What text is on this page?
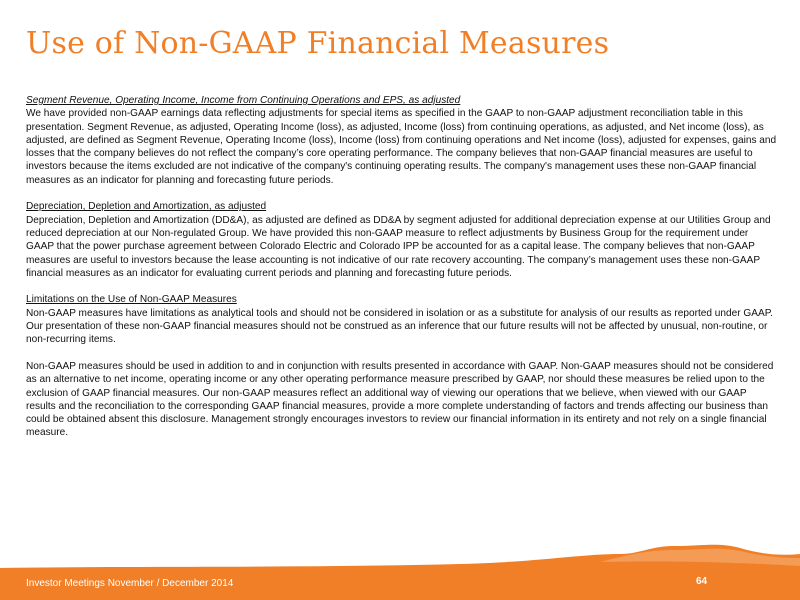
Use of Non-GAAP Financial Measures
Segment Revenue, Operating Income, Income from Continuing Operations and EPS, as adjusted
We have provided non-GAAP earnings data reflecting adjustments for special items as specified in the GAAP to non-GAAP adjustment reconciliation table in this presentation. Segment Revenue, as adjusted, Operating Income (loss), as adjusted, Income (loss) from continuing operations, as adjusted, and Net income (loss), as adjusted, are defined as Segment Revenue, Operating Income (loss), Income (loss) from continuing operations and Net income (loss), adjusted for expenses, gains and losses that the company believes do not reflect the company’s core operating performance. The company believes that non-GAAP financial measures are useful to investors because the items excluded are not indicative of the company's continuing operating results. The company's management uses these non-GAAP financial measures as an indicator for planning and forecasting future periods.
Depreciation, Depletion and Amortization, as adjusted
Depreciation, Depletion and Amortization (DD&A), as adjusted are defined as DD&A by segment adjusted for additional depreciation expense at our Utilities Group and reduced depreciation at our Non-regulated Group. We have provided this non-GAAP measure to reflect adjustments by Business Group for the requirement under GAAP that the power purchase agreement between Colorado Electric and Colorado IPP be accounted for as a capital lease. The company believes that non-GAAP measures are useful to investors because the lease accounting is not indicative of our rate recovery accounting. The company’s management uses these non-GAAP financial measures as an indicator for evaluating current periods and planning and forecasting future periods.
Limitations on the Use of Non-GAAP Measures
Non-GAAP measures have limitations as analytical tools and should not be considered in isolation or as a substitute for analysis of our results as reported under GAAP. Our presentation of these non-GAAP financial measures should not be construed as an inference that our future results will not be affected by unusual, non-routine, or non-recurring items.
Non-GAAP measures should be used in addition to and in conjunction with results presented in accordance with GAAP. Non-GAAP measures should not be considered as an alternative to net income, operating income or any other operating performance measure prescribed by GAAP, nor should these measures be relied upon to the exclusion of GAAP financial measures. Our non-GAAP measures reflect an additional way of viewing our operations that we believe, when viewed with our GAAP results and the reconciliation to the corresponding GAAP financial measures, provide a more complete understanding of factors and trends affecting our business than could be obtained absent this disclosure. Management strongly encourages investors to review our financial information in its entirety and not rely on a single financial measure.
Investor Meetings November / December 2014	64
